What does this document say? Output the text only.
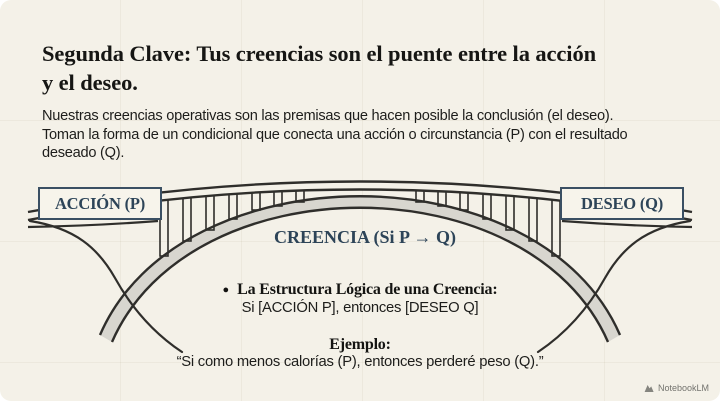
Segunda Clave: Tus creencias son el puente entre la acción
y el deseo.
Nuestras creencias operativas son las premisas que hacen posible la conclusión (el deseo).
Toman la forma de un condicional que conecta una acción o circunstancia (P) con el resultado
deseado (Q).
ACCIÓN (P)	DESEO (Q)
CREENCIA (Si P → Q)
● La Estructura Lógica de una Creencia:
Si [ACCIÓN P], entonces [DESEO Q]
Ejemplo:
“Si como menos calorías (P), entonces perderé peso (Q).”
NotebookLM
